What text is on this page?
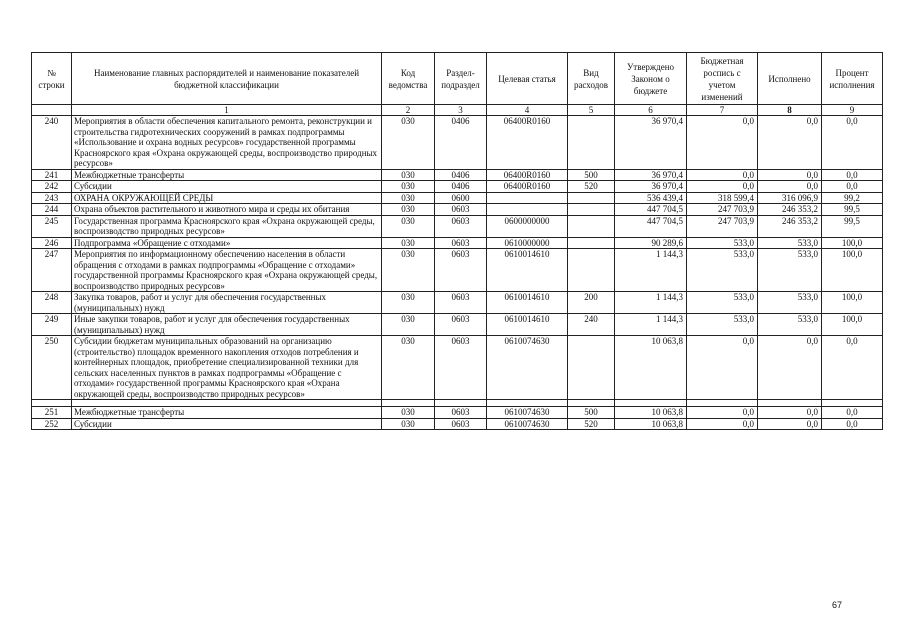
№ строки	Наименование главных распорядителей и наименование показателей бюджетной классификации	Код ведомства	Раздел-подраздел	Целевая статья	Вид расходов	Утверждено Законом о бюджете	Бюджетная роспись с учетом изменений	Исполнено	Процент исполнения
	1	2	3	4	5	6	7	8	9
240	Мероприятия в области обеспечения капитального ремонта, реконструкции и строительства гидротехнических сооружений в рамках подпрограммы «Использование и охрана водных ресурсов» государственной программы Красноярского края «Охрана окружающей среды, воспроизводство природных ресурсов»	030	0406	06400R0160		36 970,4	0,0	0,0	0,0
241	Межбюджетные трансферты	030	0406	06400R0160	500	36 970,4	0,0	0,0	0,0
242	Субсидии	030	0406	06400R0160	520	36 970,4	0,0	0,0	0,0
243	ОХРАНА ОКРУЖАЮЩЕЙ СРЕДЫ	030	0600			536 439,4	318 599,4	316 096,9	99,2
244	Охрана объектов растительного и животного мира и среды их обитания	030	0603			447 704,5	247 703,9	246 353,2	99,5
245	Государственная программа Красноярского края «Охрана окружающей среды, воспроизводство природных ресурсов»	030	0603	0600000000		447 704,5	247 703,9	246 353,2	99,5
246	Подпрограмма «Обращение с отходами»	030	0603	0610000000		90 289,6	533,0	533,0	100,0
247	Мероприятия по информационному обеспечению населения в области обращения с отходами в рамках подпрограммы «Обращение с отходами» государственной программы Красноярского края «Охрана окружающей среды, воспроизводство природных ресурсов»	030	0603	0610014610		1 144,3	533,0	533,0	100,0
248	Закупка товаров, работ и услуг для обеспечения государственных (муниципальных) нужд	030	0603	0610014610	200	1 144,3	533,0	533,0	100,0
249	Иные закупки товаров, работ и услуг для обеспечения государственных (муниципальных) нужд	030	0603	0610014610	240	1 144,3	533,0	533,0	100,0
250	Субсидии бюджетам муниципальных образований на организацию (строительство) площадок временного накопления отходов потребления и контейнерных площадок, приобретение специализированной техники для сельских населенных пунктов в рамках подпрограммы «Обращение с отходами» государственной программы Красноярского края «Охрана окружающей среды, воспроизводство природных ресурсов»	030	0603	0610074630		10 063,8	0,0	0,0	0,0

251	Межбюджетные трансферты	030	0603	0610074630	500	10 063,8	0,0	0,0	0,0
252	Субсидии	030	0603	0610074630	520	10 063,8	0,0	0,0	0,0
67
